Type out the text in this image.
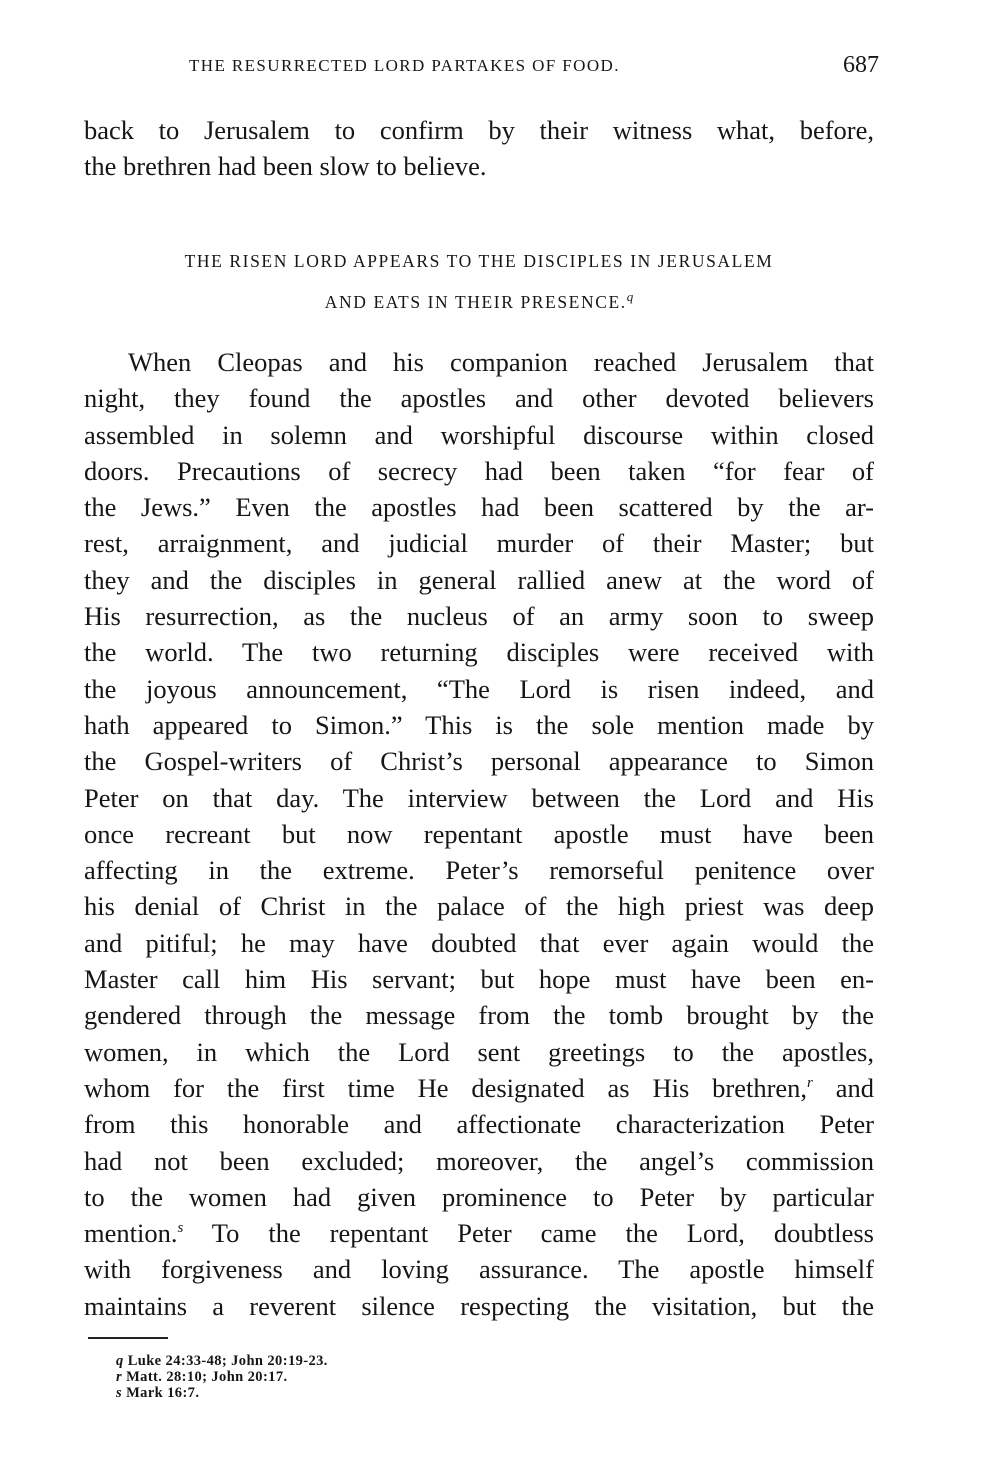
THE RESURRECTED LORD PARTAKES OF FOOD.	687
back to Jerusalem to confirm by their witness what, before,
the brethren had been slow to believe.
THE RISEN LORD APPEARS TO THE DISCIPLES IN JERUSALEM
AND EATS IN THEIR PRESENCE.$^q$
When Cleopas and his companion reached Jerusalem that
night, they found the apostles and other devoted believers
assembled in solemn and worshipful discourse within closed
doors. Precautions of secrecy had been taken “for fear of
the Jews.” Even the apostles had been scattered by the ar-
rest, arraignment, and judicial murder of their Master; but
they and the disciples in general rallied anew at the word of
His resurrection, as the nucleus of an army soon to sweep
the world. The two returning disciples were received with
the joyous announcement, “The Lord is risen indeed, and
hath appeared to Simon.” This is the sole mention made by
the Gospel-writers of Christ’s personal appearance to Simon
Peter on that day. The interview between the Lord and His
once recreant but now repentant apostle must have been
affecting in the extreme. Peter’s remorseful penitence over
his denial of Christ in the palace of the high priest was deep
and pitiful; he may have doubted that ever again would the
Master call him His servant; but hope must have been en-
gendered through the message from the tomb brought by the
women, in which the Lord sent greetings to the apostles,
whom for the first time He designated as His brethren,$^r$ and
from this honorable and affectionate characterization Peter
had not been excluded; moreover, the angel’s commission
to the women had given prominence to Peter by particular
mention.$^s$ To the repentant Peter came the Lord, doubtless
with forgiveness and loving assurance. The apostle himself
maintains a reverent silence respecting the visitation, but the
q Luke 24:33-48; John 20:19-23.
r Matt. 28:10; John 20:17.
s Mark 16:7.
